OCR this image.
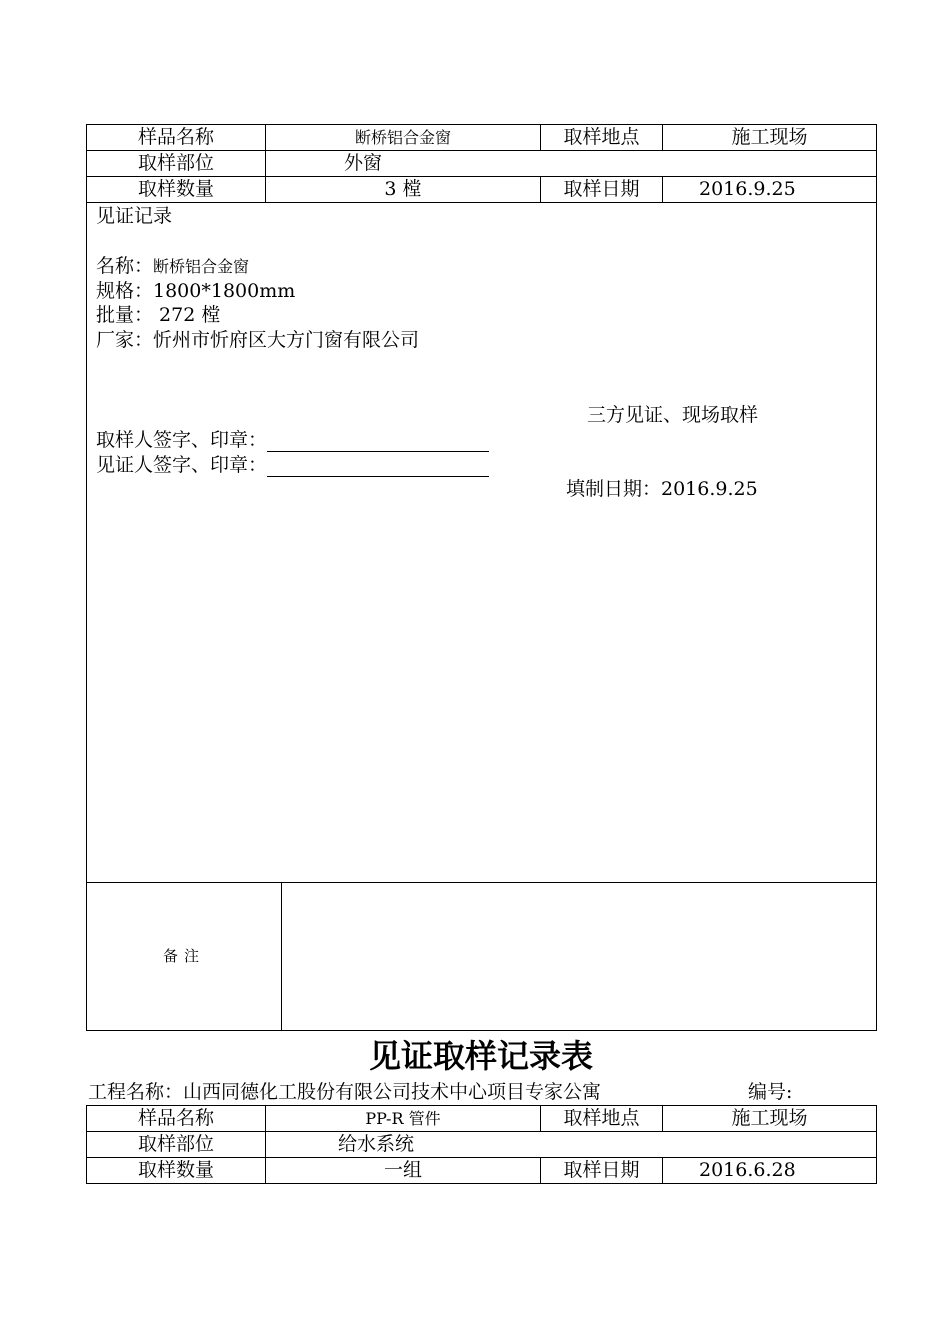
样品名称	断桥铝合金窗	取样地点	施工现场
取样部位	外窗		
取样数量	3 樘	取样日期	2016.9.25
见证记录
名称：断桥铝合金窗
规格：1800*1800mm
批量： 272 樘
厂家：忻州市忻府区大方门窗有限公司
三方见证、现场取样
取样人签字、印章：
见证人签字、印章：
填制日期：2016.9.25
备注
见证取样记录表
工程名称：山西同德化工股份有限公司技术中心项目专家公寓	编号:
样品名称	PP-R 管件	取样地点	施工现场
取样部位	给水系统		
取样数量	一组	取样日期	2016.6.28
